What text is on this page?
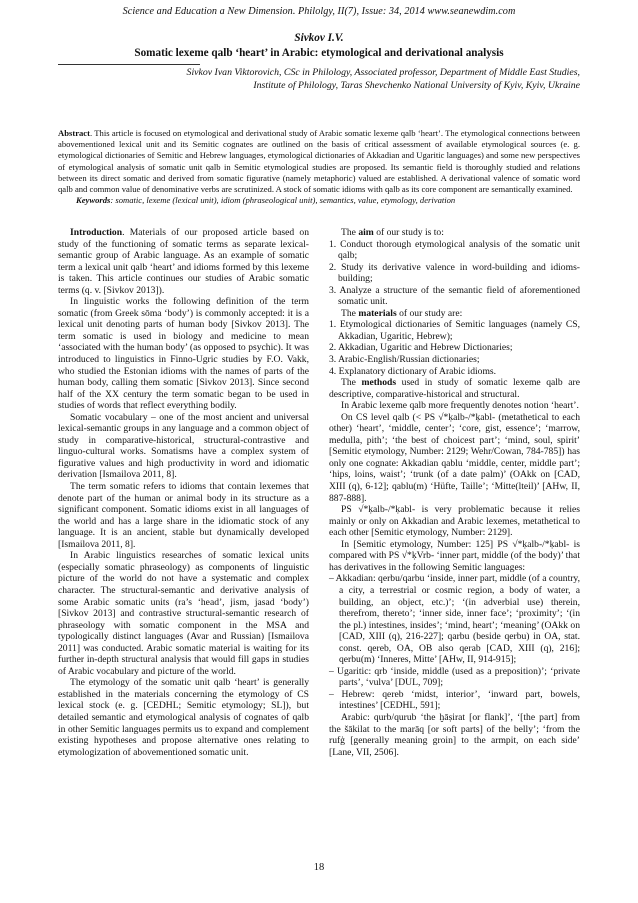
Science and Education a New Dimension. Philolgy, II(7), Issue: 34, 2014 www.seanewdim.com
Sivkov I.V.
Somatic lexeme qalb ‘heart’ in Arabic: etymological and derivational analysis
Sivkov Ivan Viktorovich, CSc in Philology, Associated professor, Department of Middle East Studies,
Institute of Philology, Taras Shevchenko National University of Kyiv, Kyiv, Ukraine
Abstract. This article is focused on etymological and derivational study of Arabic somatic lexeme qalb ‘heart’. The etymological connections between abovementioned lexical unit and its Semitic cognates are outlined on the basis of critical assessment of available etymological sources (e. g. etymological dictionaries of Semitic and Hebrew languages, etymological dictionaries of Akkadian and Ugaritic languages) and some new perspectives of etymological analysis of somatic unit qalb in Semitic etymological studies are proposed. Its semantic field is thoroughly studied and relations between its direct somatic and derived from somatic figurative (namely metaphoric) valued are established. A derivational valence of somatic word qalb and common value of denominative verbs are scrutinized. A stock of somatic idioms with qalb as its core component are semantically examined.
Keywords: somatic, lexeme (lexical unit), idiom (phraseological unit), semantics, value, etymology, derivation

Introduction. Materials of our proposed article based on study of the functioning of somatic terms as separate lexical-semantic group of Arabic language. As an example of somatic term a lexical unit qalb ‘heart’ and idioms formed by this lexeme is taken. This article continues our studies of Arabic somatic terms (q. v. [Sivkov 2013]).

In linguistic works the following definition of the term somatic (from Greek sōma ‘body’) is commonly accepted: it is a lexical unit denoting parts of human body [Sivkov 2013]. The term somatic is used in biology and medicine to mean ‘associated with the human body’ (as opposed to psychic). It was introduced to linguistics in Finno-Ugric studies by F.O. Vakk, who studied the Estonian idioms with the names of parts of the human body, calling them somatic [Sivkov 2013]. Since second half of the XX century the term somatic began to be used in studies of words that reflect everything bodily.

Somatic vocabulary – one of the most ancient and universal lexical-semantic groups in any language and a common object of study in comparative-historical, structural-contrastive and linguo-cultural works. Somatisms have a complex system of figurative values and high productivity in word and idiomatic derivation [Ismailova 2011, 8].

The term somatic refers to idioms that contain lexemes that denote part of the human or animal body in its structure as a significant component. Somatic idioms exist in all languages of the world and has a large share in the idiomatic stock of any language. It is an ancient, stable but dynamically developed [Ismailova 2011, 8].

In Arabic linguistics researches of somatic lexical units (especially somatic phraseology) as components of linguistic picture of the world do not have a systematic and complex character. The structural-semantic and derivative analysis of some Arabic somatic units (ra’s ‘head’, jism, jasad ‘body’) [Sivkov 2013] and contrastive structural-semantic research of phraseology with somatic component in the MSA and typologically distinct languages (Avar and Russian) [Ismailova 2011] was conducted. Arabic somatic material is waiting for its further in-depth structural analysis that would fill gaps in studies of Arabic vocabulary and picture of the world.

The etymology of the somatic unit qalb ‘heart’ is generally established in the materials concerning the etymology of CS lexical stock (e. g. [CEDHL; Semitic etymology; SL]), but detailed semantic and etymological analysis of cognates of qalb in other Semitic languages permits us to expand and complement existing hypotheses and propose alternative ones relating to etymologization of abovementioned somatic unit.

The aim of our study is to:

1. Conduct thorough etymological analysis of the somatic unit qalb;

2. Study its derivative valence in word-building and idioms-building;

3. Analyze a structure of the semantic field of aforementioned somatic unit.

The materials of our study are:

1. Etymological dictionaries of Semitic languages (namely CS, Akkadian, Ugaritic, Hebrew);

2. Akkadian, Ugaritic and Hebrew Dictionaries;

3. Arabic-English/Russian dictionaries;

4. Explanatory dictionary of Arabic idioms.

The methods used in study of somatic lexeme qalb are descriptive, comparative-historical and structural.

In Arabic lexeme qalb more frequently denotes notion ‘heart’.

On CS level qalb (< PS √*ḳalb-/*ḳabl- (metathetical to each other) ‘heart’, ‘middle, center’; ‘core, gist, essence’; ‘marrow, medulla, pith’; ‘the best of choicest part’; ‘mind, soul, spirit’ [Semitic etymology, Number: 2129; Wehr/Cowan, 784-785]) has only one cognate: Akkadian qablu ‘middle, center, middle part’; ‘hips, loins, waist’; ‘trunk (of a date palm)’ (OAkk on [CAD, XIII (q), 6-12]; qablu(m) ‘Hüfte, Taille’; ‘Mitte(lteil)’ [AHw, II, 887-888].

PS √*ḳalb-/*ḳabl- is very problematic because it relies mainly or only on Akkadian and Arabic lexemes, metathetical to each other [Semitic etymology, Number: 2129].

In [Semitic etymology, Number: 125] PS √*ḳalb-/*ḳabl- is compared with PS √*ḳVrb- ‘inner part, middle (of the body)’ that has derivatives in the following Semitic languages:

– Akkadian: qerbu/qarbu ‘inside, inner part, middle (of a country, a city, a terrestrial or cosmic region, a body of water, a building, an object, etc.)’; ‘(in adverbial use) therein, therefrom, thereto’; ‘inner side, inner face’; ‘proximity’; ‘(in the pl.) intestines, insides’; ‘mind, heart’; ‘meaning’ (OAkk on [CAD, XIII (q), 216-227]; qarbu (beside qerbu) in OA, stat. const. qereb, OA, OB also qerab [CAD, XIII (q), 216]; qerbu(m) ‘Inneres, Mitte’ [AHw, II, 914-915];

– Ugaritic: qrb ‘inside, middle (used as a preposition)’; ‘private parts’, ‘vulva’ [DUL, 709];

– Hebrew: qereb ‘midst, interior’, ‘inward part, bowels, intestines’ [CEDHL, 591];

Arabic: qurb/qurub ‘the ḫāṣirat [or flank]’, ‘[the part] from the šākilat to the marāq [or soft parts] of the belly’; ‘from the rufġ [generally meaning groin] to the armpit, on each side’ [Lane, VII, 2506].

18
